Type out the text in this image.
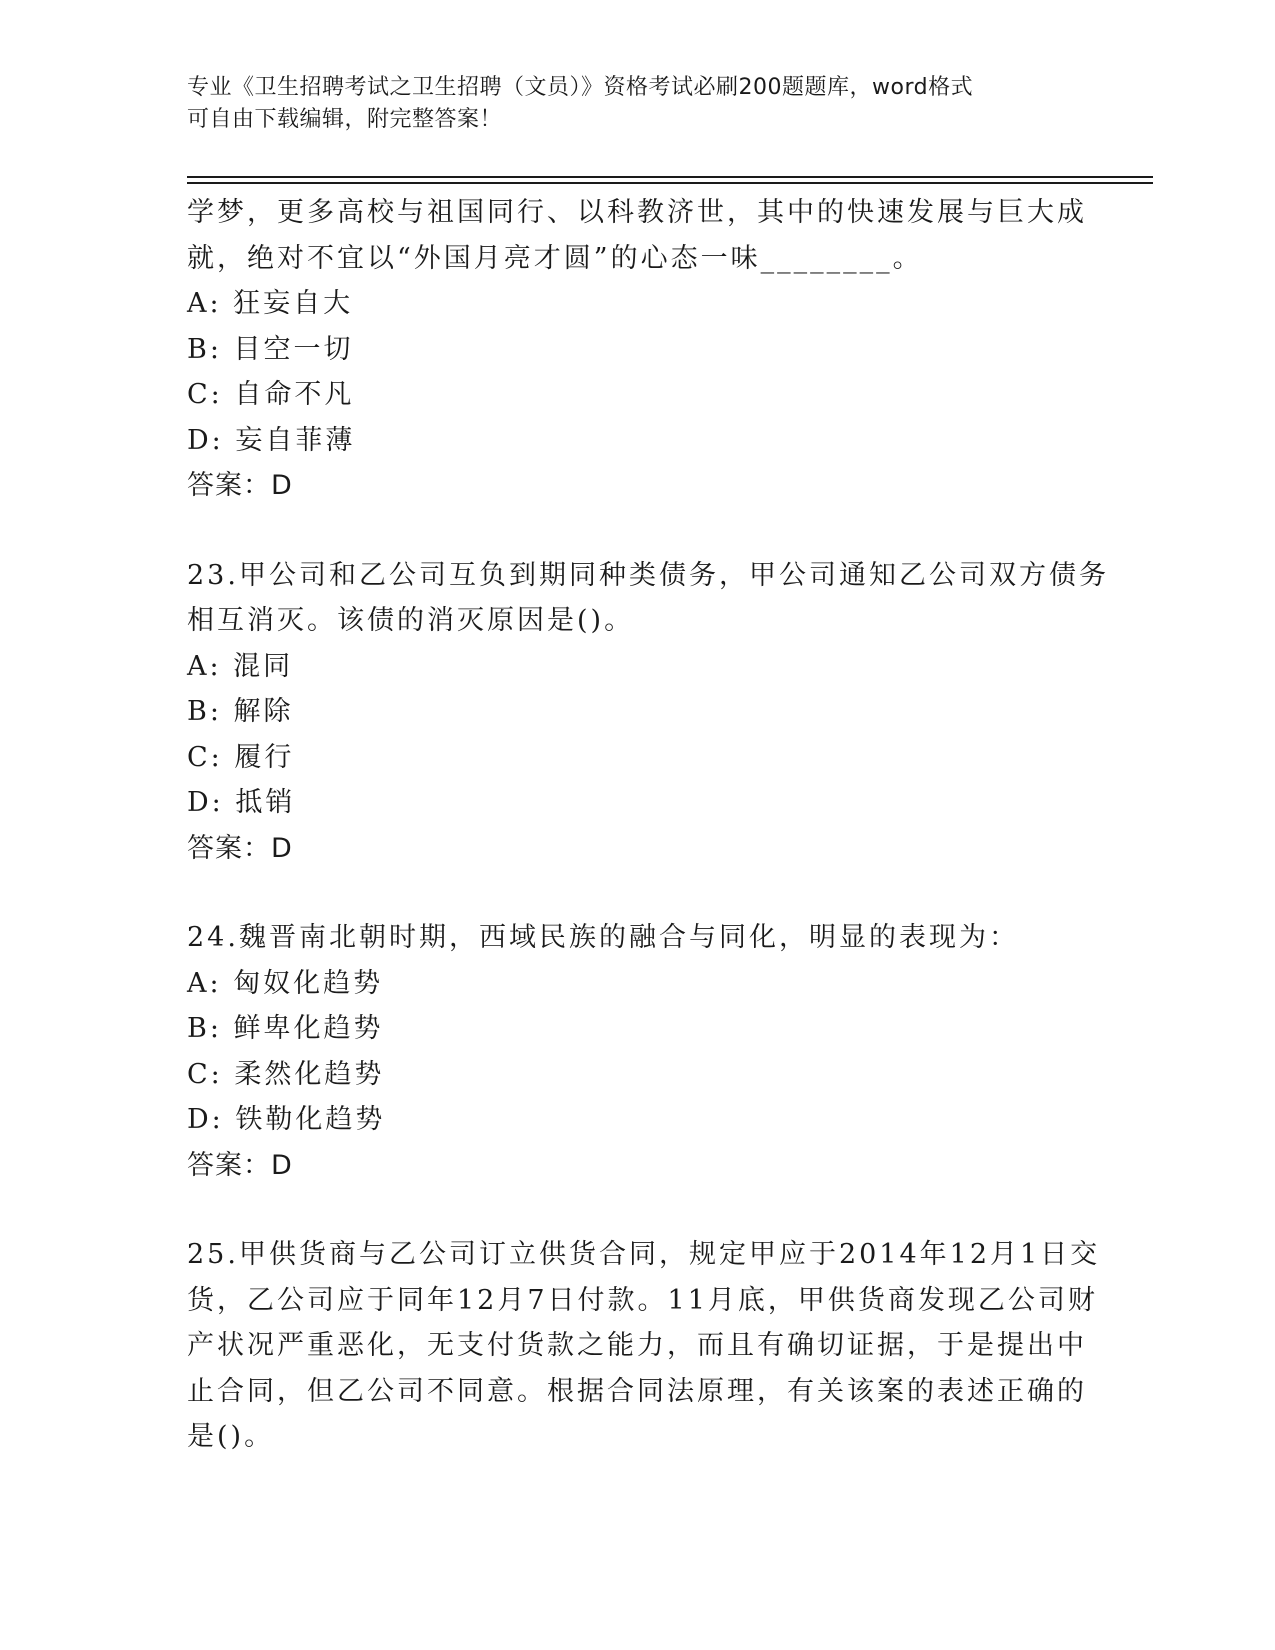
专业《卫生招聘考试之卫生招聘（文员）》资格考试必刷200题题库，word格式
可自由下载编辑，附完整答案！
学梦，更多高校与祖国同行、以科教济世，其中的快速发展与巨大成
就，绝对不宜以“外国月亮才圆”的心态一味________。
A: 狂妄自大
B: 目空一切
C: 自命不凡
D: 妄自菲薄
答案：D
23.甲公司和乙公司互负到期同种类债务，甲公司通知乙公司双方债务
相互消灭。该债的消灭原因是()。
A: 混同
B: 解除
C: 履行
D: 抵销
答案：D
24.魏晋南北朝时期，西域民族的融合与同化，明显的表现为：
A: 匈奴化趋势
B: 鲜卑化趋势
C: 柔然化趋势
D: 铁勒化趋势
答案：D
25.甲供货商与乙公司订立供货合同，规定甲应于2014年12月1日交
货，乙公司应于同年12月7日付款。11月底，甲供货商发现乙公司财
产状况严重恶化，无支付货款之能力，而且有确切证据，于是提出中
止合同，但乙公司不同意。根据合同法原理，有关该案的表述正确的
是()。
